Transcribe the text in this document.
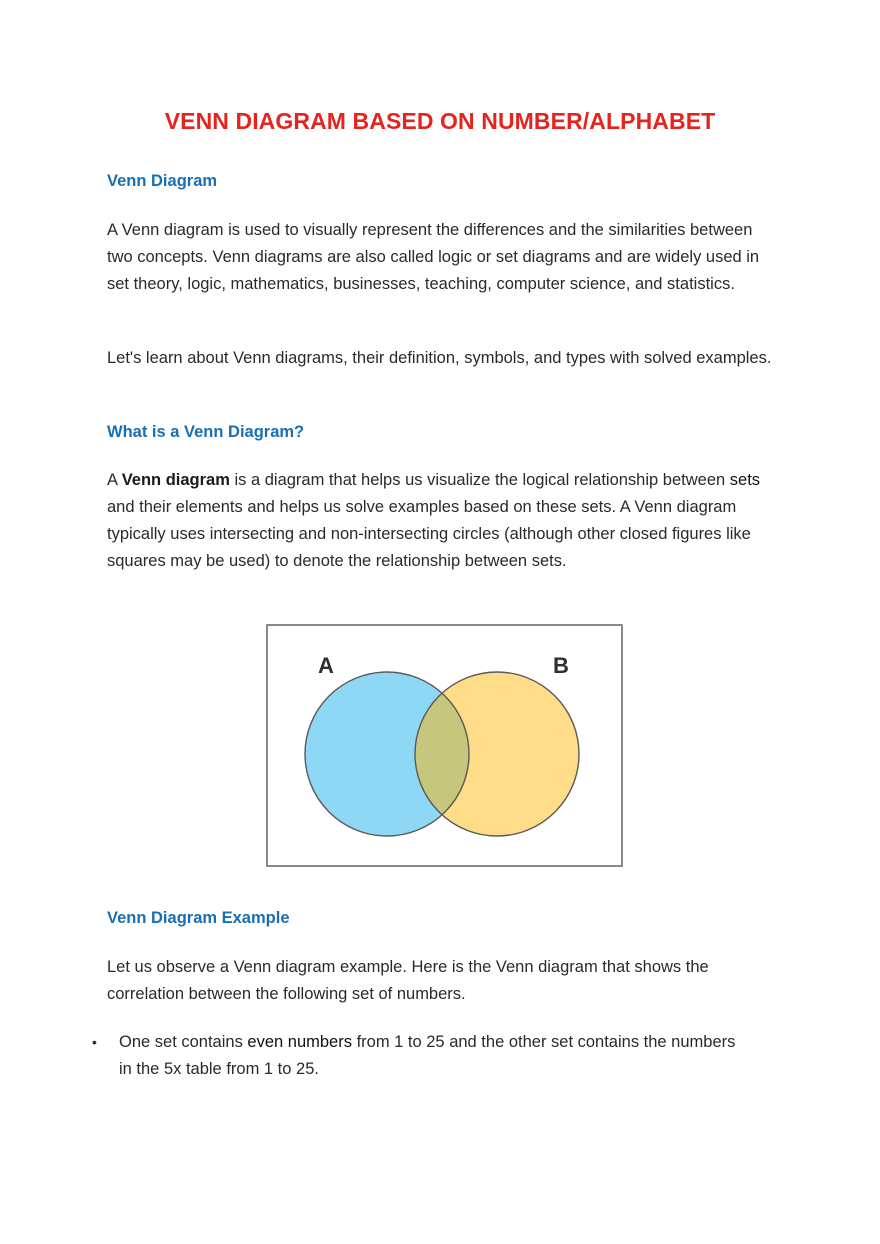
VENN DIAGRAM BASED ON NUMBER/ALPHABET
Venn Diagram

A Venn diagram is used to visually represent the differences and the similarities between two concepts. Venn diagrams are also called logic or set diagrams and are widely used in set theory, logic, mathematics, businesses, teaching, computer science, and statistics.

Let's learn about Venn diagrams, their definition, symbols, and types with solved examples.

What is a Venn Diagram?

A Venn diagram is a diagram that helps us visualize the logical relationship between sets and their elements and helps us solve examples based on these sets. A Venn diagram typically uses intersecting and non-intersecting circles (although other closed figures like squares may be used) to denote the relationship between sets.

A	B
Venn Diagram Example

Let us observe a Venn diagram example. Here is the Venn diagram that shows the correlation between the following set of numbers.

•	One set contains even numbers from 1 to 25 and the other set contains the numbers in the 5x table from 1 to 25.
